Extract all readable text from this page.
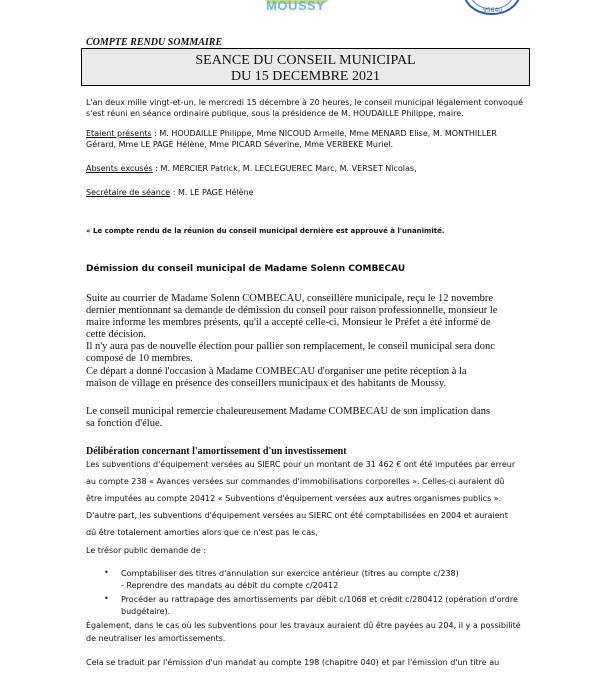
MOUSSY	95640
COMPTE RENDU SOMMAIRE
SEANCE DU CONSEIL MUNICIPAL
DU 15 DECEMBRE 2021
L'an deux mille vingt-et-un, le mercredi 15 décembre à 20 heures, le conseil municipal légalement convoqué
s'est réuni en séance ordinaire publique, sous la présidence de M. HOUDAILLE Philippe, maire.
Etaient présents : M. HOUDAILLE Philippe, Mme NICOUD Armelle, Mme MENARD Elise, M. MONTHILLER
Gérard, Mme LE PAGE Hélène, Mme PICARD Séverine, Mme VERBEKE Muriel.
Absents excusés : M. MERCIER Patrick, M. LECLEGUEREC Marc, M. VERSET Nicolas,
Secrétaire de séance : M. LE PAGE Hélène
« Le compte rendu de la réunion du conseil municipal dernière est approuvé à l'unanimité.
Démission du conseil municipal de Madame Solenn COMBECAU
Suite au courrier de Madame Solenn COMBECAU, conseillère municipale, reçu le 12 novembre
dernier mentionnant sa demande de démission du conseil pour raison professionnelle, monsieur le
maire informe les membres présents, qu'il a accepté celle-ci, Monsieur le Préfet a été informé de
cette décision.
Il n'y aura pas de nouvelle élection pour pallier son remplacement, le conseil municipal sera donc
composé de 10 membres.
Ce départ a donné l'occasion à Madame COMBECAU d'organiser une petite réception à la
maison de village en présence des conseillers municipaux et des habitants de Moussy.
Le conseil municipal remercie chaleureusement Madame COMBECAU de son implication dans
sa fonction d'élue.
Délibération concernant l'amortissement d'un investissement
Les subventions d'équipement versées au SIERC pour un montant de 31 462 € ont été imputées par erreur
au compte 238 « Avances versées sur commandes d'immobilisations corporelles ». Celles-ci auraient dû
être imputées au compte 20412 « Subventions d'équipement versées aux autres organismes publics ».
D'autre part, les subventions d'équipement versées au SIERC ont été comptabilisées en 2004 et auraient
dû être totalement amorties alors que ce n'est pas le cas,
Le trésor public demande de :
• Comptabiliser des titres d'annulation sur exercice antérieur (titres au compte c/238)
- Reprendre des mandats au débit du compte c/20412
• Procéder au rattrapage des amortissements par débit c/1068 et crédit c/280412 (opération d'ordre
budgétaire).
Également, dans le cas où les subventions pour les travaux auraient dû être payées au 204, il y a possibilité
de neutraliser les amortissements.
Cela se traduit par l'émission d'un mandat au compte 198 (chapitre 040) et par l'émission d'un titre au
